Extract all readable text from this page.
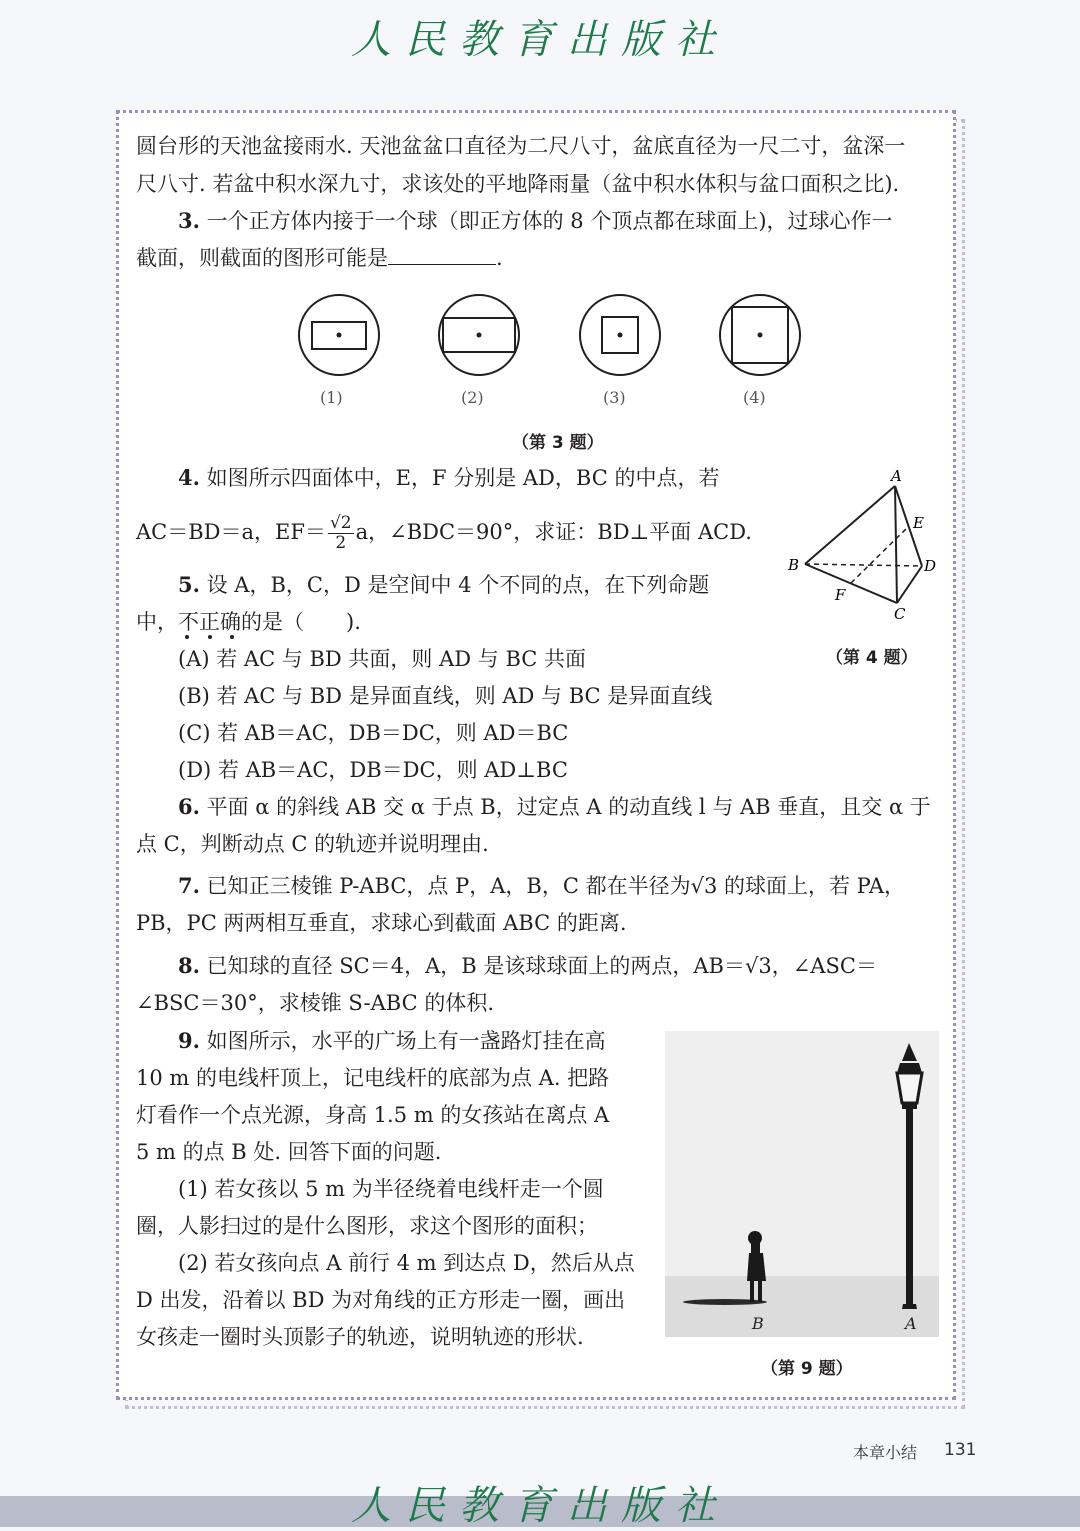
人民教育出版社
圆台形的天池盆接雨水. 天池盆盆口直径为二尺八寸，盆底直径为一尺二寸，盆深一
尺八寸. 若盆中积水深九寸，求该处的平地降雨量（盆中积水体积与盆口面积之比).
3. 一个正方体内接于一个球（即正方体的 8 个顶点都在球面上)，过球心作一
截面，则截面的图形可能是	.
(1)	(2)	(3)	(4)
（第 3 题）
4. 如图所示四面体中，E，F 分别是 AD，BC 的中点，若
AC＝BD＝a，$EF= \frac{√2}{2}$ a，∠BDC＝90°，求证：BD⊥平面 ACD.
A
B
C
D
E
F
（第 4 题）
5. 设 A，B，C，D 是空间中 4 个不同的点，在下列命题
中，不正确的是（　　).
(A) 若 AC 与 BD 共面，则 AD 与 BC 共面
(B) 若 AC 与 BD 是异面直线，则 AD 与 BC 是异面直线
(C) 若 AB＝AC，DB＝DC，则 AD＝BC
(D) 若 AB＝AC，DB＝DC，则 AD⊥BC
6. 平面 α 的斜线 AB 交 α 于点 B，过定点 A 的动直线 l 与 AB 垂直，且交 α 于
点 C，判断动点 C 的轨迹并说明理由.
7. 已知正三棱锥 P-ABC，点 P，A，B，C 都在半径为√3 的球面上，若 PA，
PB，PC 两两相互垂直，求球心到截面 ABC 的距离.
8. 已知球的直径 SC＝4，A，B 是该球球面上的两点，AB＝√3，∠ASC＝
∠BSC＝30°，求棱锥 S-ABC 的体积.
9. 如图所示，水平的广场上有一盏路灯挂在高
10 m 的电线杆顶上，记电线杆的底部为点 A. 把路
灯看作一个点光源，身高 1.5 m 的女孩站在离点 A
5 m 的点 B 处. 回答下面的问题.
(1) 若女孩以 5 m 为半径绕着电线杆走一个圆
圈，人影扫过的是什么图形，求这个图形的面积；
(2) 若女孩向点 A 前行 4 m 到达点 D，然后从点
D 出发，沿着以 BD 为对角线的正方形走一圈，画出
女孩走一圈时头顶影子的轨迹，说明轨迹的形状.
B	A
（第 9 题）
本章小结 131
人民教育出版社
